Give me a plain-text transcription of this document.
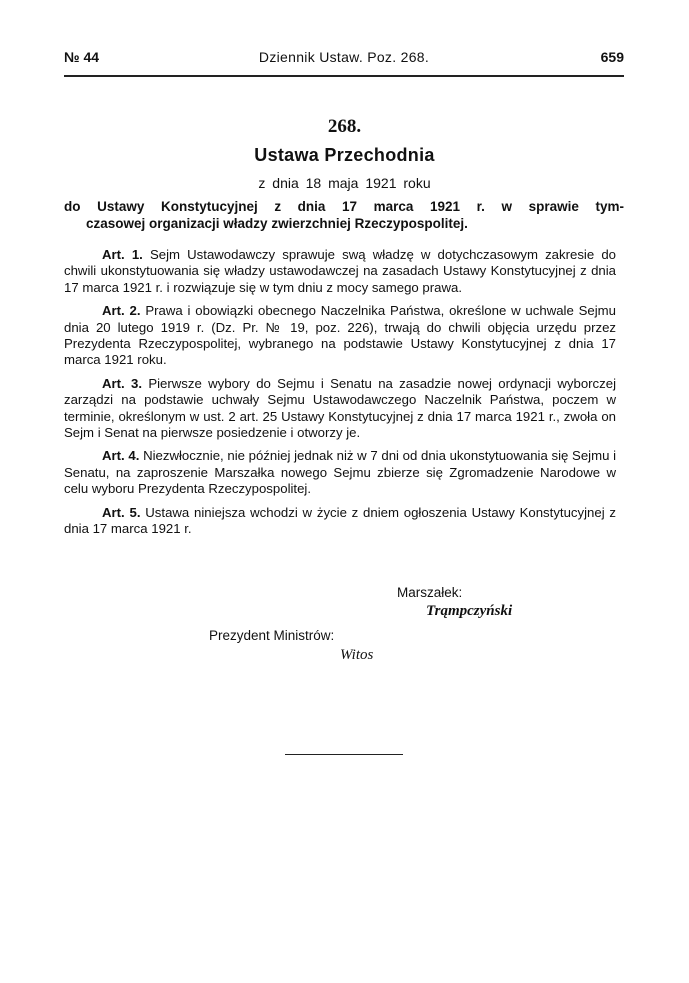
№ 44	Dziennik Ustaw. Poz. 268.	659
268.
Ustawa Przechodnia
z dnia 18 maja 1921 roku
do Ustawy Konstytucyjnej z dnia 17 marca 1921 r. w sprawie tym-
czasowej organizacji władzy zwierzchniej Rzeczypospolitej.

Art. 1. Sejm Ustawodawczy sprawuje swą władzę w dotychczasowym zakresie do chwili ukonstytuowania się władzy ustawodawczej na zasadach Ustawy Konstytucyjnej z dnia 17 marca 1921 r. i rozwiązuje się w tym dniu z mocy samego prawa.

Art. 2. Prawa i obowiązki obecnego Naczelnika Państwa, określone w uchwale Sejmu dnia 20 lutego 1919 r. (Dz. Pr. № 19, poz. 226), trwają do chwili objęcia urzędu przez Prezydenta Rzeczypospolitej, wybranego na podstawie Ustawy Konstytucyjnej z dnia 17 marca 1921 roku.

Art. 3. Pierwsze wybory do Sejmu i Senatu na zasadzie nowej ordynacji wyborczej zarządzi na podstawie uchwały Sejmu Ustawodawczego Naczelnik Państwa, poczem w terminie, określonym w ust. 2 art. 25 Ustawy Konstytucyjnej z dnia 17 marca 1921 r., zwoła on Sejm i Senat na pierwsze posiedzenie i otworzy je.

Art. 4. Niezwłocznie, nie później jednak niż w 7 dni od dnia ukonstytuowania się Sejmu i Senatu, na zaproszenie Marszałka nowego Sejmu zbierze się Zgromadzenie Narodowe w celu wyboru Prezydenta Rzeczypospolitej.

Art. 5. Ustawa niniejsza wchodzi w życie z dniem ogłoszenia Ustawy Konstytucyjnej z dnia 17 marca 1921 r.

Marszałek:
Trąmpczyński
Prezydent Ministrów:
Witos
